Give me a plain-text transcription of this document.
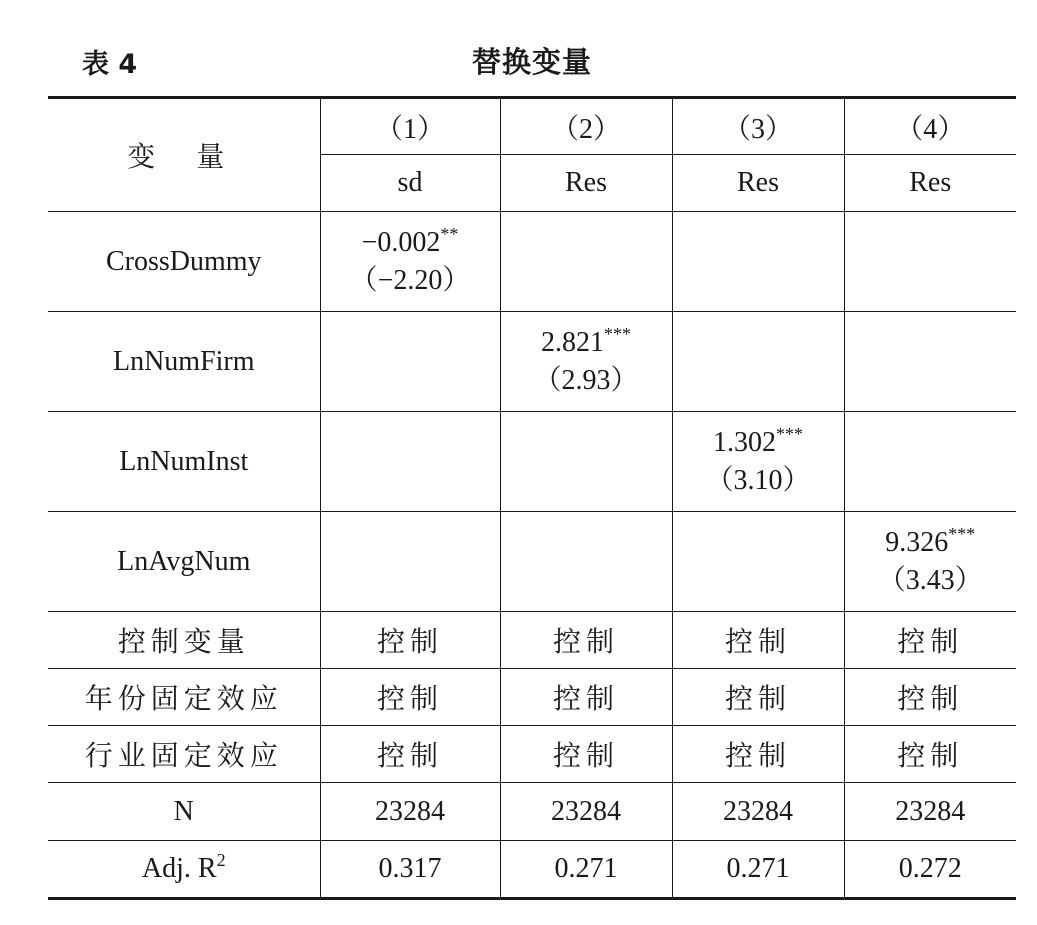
表 4	替换变量
变 量	（1）	（2）	（3）	（4）
	sd	Res	Res	Res
CrossDummy	−0.002**
（−2.20）			

LnNumFirm		2.821***
（2.93）		

LnNumInst			1.302***
（3.10）	

LnAvgNum				9.326***
（3.43）

控制变量	控制	控制	控制	控制
年份固定效应	控制	控制	控制	控制
行业固定效应	控制	控制	控制	控制
N	23284	23284	23284	23284
Adj. $R^2$	0.317	0.271	0.271	0.272
